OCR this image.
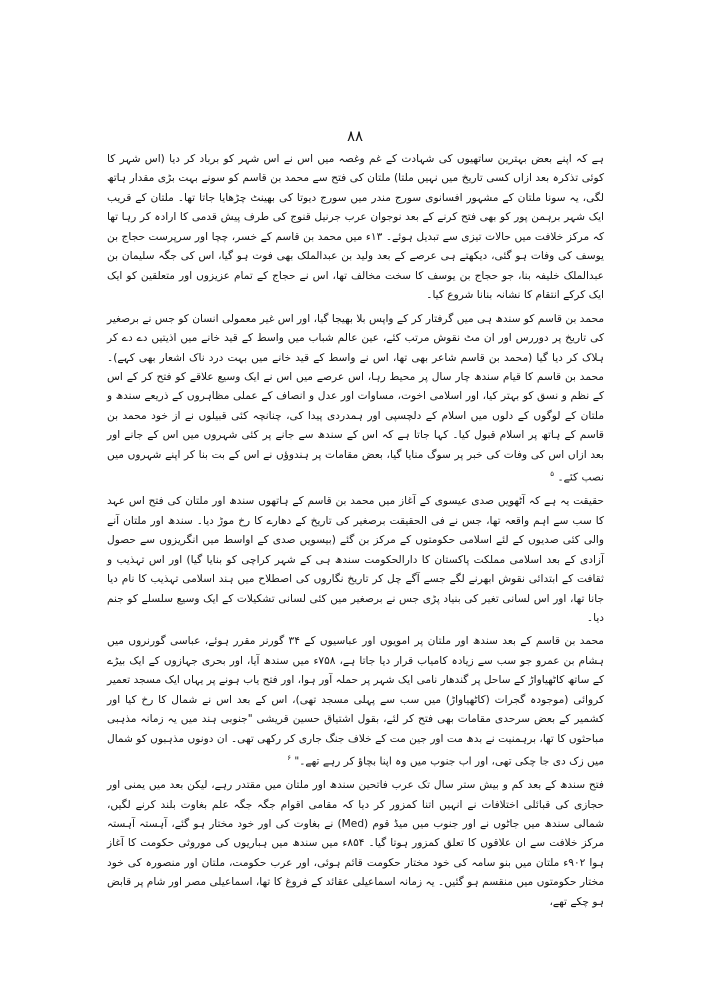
۸۸

ہے کہ اپنے بعض بہترین ساتھیوں کی شہادت کے غم وغصہ میں اس نے اس شہر کو برباد کر دیا (اس شہر کا کوئی تذکرہ بعد ازاں کسی تاریخ میں نہیں ملتا) ملتان کی فتح سے محمد بن قاسم کو سونے بہت بڑی مقدار ہاتھ لگی، یہ سونا ملتان کے مشہور افسانوی سورج مندر میں سورج دیوتا کی بھینٹ چڑھایا جاتا تھا۔ ملتان کے قریب ایک شہر برہمن پور کو بھی فتح کرنے کے بعد نوجوان عرب جرنیل قنوج کی طرف پیش قدمی کا ارادہ کر رہا تھا کہ مرکز خلافت میں حالات تیزی سے تبدیل ہوئے۔ ۱۳ء میں محمد بن قاسم کے خسر، چچا اور سرپرست حجاج بن یوسف کی وفات ہو گئی، دیکھتے ہی عرصے کے بعد ولید بن عبدالملک بھی فوت ہو گیا، اس کی جگہ سلیمان بن عبدالملک خلیفہ بنا، جو حجاج بن یوسف کا سخت مخالف تھا، اس نے حجاج کے تمام عزیزوں اور متعلقین کو ایک ایک کرکے انتقام کا نشانہ بنانا شروع کیا۔

محمد بن قاسم کو سندھ ہی میں گرفتار کر کے واپس بلا بھیجا گیا، اور اس غیر معمولی انسان کو جس نے برصغیر کی تاریخ پر دوررس اور ان مٹ نقوش مرتب کئے، عین عالم شباب میں واسط کے قید خانے میں اذیتیں دے دے کر ہلاک کر دیا گیا (محمد بن قاسم شاعر بھی تھا، اس نے واسط کے قید خانے میں بہت درد ناک اشعار بھی کہے)۔ محمد بن قاسم کا قیام سندھ چار سال پر محیط رہا، اس عرصے میں اس نے ایک وسیع علاقے کو فتح کر کے اس کے نظم و نسق کو بہتر کیا، اور اسلامی اخوت، مساوات اور عدل و انصاف کے عملی مظاہروں کے ذریعے سندھ و ملتان کے لوگوں کے دلوں میں اسلام کے دلچسپی اور ہمدردی پیدا کی، چنانچہ کئی قبیلوں نے از خود محمد بن قاسم کے ہاتھ پر اسلام قبول کیا۔ کہا جاتا ہے کہ اس کے سندھ سے جانے پر کئی شہروں میں اس کے جانے اور بعد ازاں اس کی وفات کی خبر پر سوگ منایا گیا، بعض مقامات پر ہندوؤں نے اس کے بت بنا کر اپنے شہروں میں نصب کئے۔ $^۵$

حقیقت یہ ہے کہ آٹھویں صدی عیسوی کے آغاز میں محمد بن قاسم کے ہاتھوں سندھ اور ملتان کی فتح اس عہد کا سب سے اہم واقعہ تھا، جس نے فی الحقیقت برصغیر کی تاریخ کے دھارے کا رخ موڑ دیا۔ سندھ اور ملتان آنے والی کئی صدیوں کے لئے اسلامی حکومتوں کے مرکز بن گئے (بیسویں صدی کے اواسط میں انگریزوں سے حصول آزادی کے بعد اسلامی مملکت پاکستان کا دارالحکومت سندھ ہی کے شہر کراچی کو بنایا گیا) اور اس تہذیب و ثقافت کے ابتدائی نقوش ابھرنے لگے جسے آگے چل کر تاریخ نگاروں کی اصطلاح میں ہند اسلامی تہذیب کا نام دیا جانا تھا، اور اس لسانی تغیر کی بنیاد پڑی جس نے برصغیر میں کئی لسانی تشکیلات کے ایک وسیع سلسلے کو جنم دیا۔

محمد بن قاسم کے بعد سندھ اور ملتان پر امویوں اور عباسیوں کے ۳۴ گورنر مقرر ہوئے، عباسی گورنروں میں ہشام بن عمرو جو سب سے زیادہ کامیاب قرار دیا جاتا ہے، ۷۵۸ء میں سندھ آیا، اور بحری جہازوں کے ایک بیڑے کے ساتھ کاٹھیاواڑ کے ساحل پر گندھار نامی ایک شہر پر حملہ آور ہوا، اور فتح یاب ہونے پر یہاں ایک مسجد تعمیر کروائی (موجودہ گجرات (کاٹھیاواڑ) میں سب سے پہلی مسجد تھی)، اس کے بعد اس نے شمال کا رخ کیا اور کشمیر کے بعض سرحدی مقامات بھی فتح کر لئے، بقول اشتیاق حسین قریشی "جنوبی ہند میں یہ زمانہ مذہبی مباحثوں کا تھا، برہمنیت نے بدھ مت اور جین مت کے خلاف جنگ جاری کر رکھی تھی۔ ان دونوں مذہبوں کو شمال میں زک دی جا چکی تھی، اور اب جنوب میں وہ اپنا بچاؤ کر رہے تھے۔" $^۶$

فتح سندھ کے بعد کم و بیش ستر سال تک عرب فاتحین سندھ اور ملتان میں مقتدر رہے، لیکن بعد میں یمنی اور حجازی کی قبائلی اختلافات نے انہیں اتنا کمزور کر دیا کہ مقامی اقوام جگہ جگہ علم بغاوت بلند کرنے لگیں، شمالی سندھ میں جاٹوں نے اور جنوب میں میڈ قوم (Med) نے بغاوت کی اور خود مختار ہو گئے، آہستہ آہستہ مرکز خلافت سے ان علاقوں کا تعلق کمزور ہوتا گیا۔ ۸۵۴ء میں سندھ میں ہباریوں کی موروثی حکومت کا آغاز ہوا ۹۰۲ء ملتان میں بنو سامہ کی خود مختار حکومت قائم ہوئی، اور عرب حکومت، ملتان اور منصورہ کی خود مختار حکومتوں میں منقسم ہو گئیں۔ یہ زمانہ اسماعیلی عقائد کے فروغ کا تھا، اسماعیلی مصر اور شام پر قابض ہو چکے تھے،
